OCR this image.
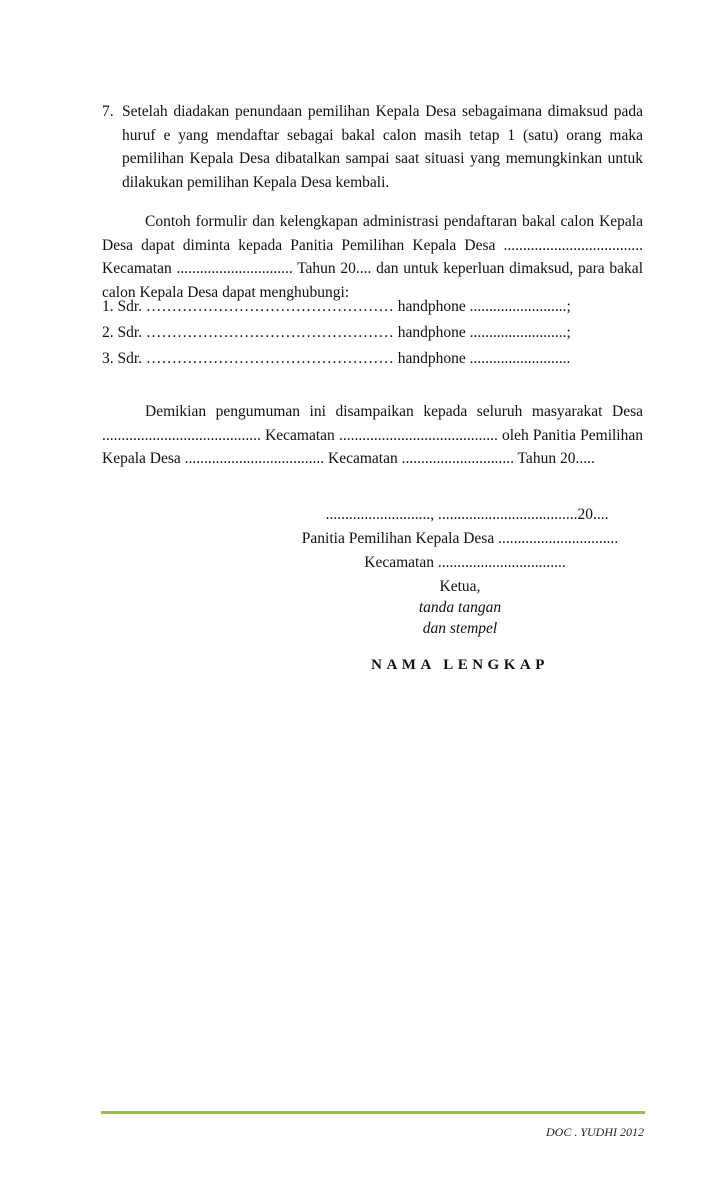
7. Setelah diadakan penundaan pemilihan Kepala Desa sebagaimana dimaksud pada huruf e yang mendaftar sebagai bakal calon masih tetap 1 (satu) orang maka pemilihan Kepala Desa dibatalkan sampai saat situasi yang memungkinkan untuk dilakukan pemilihan Kepala Desa kembali.
Contoh formulir dan kelengkapan administrasi pendaftaran bakal calon Kepala Desa dapat diminta kepada Panitia Pemilihan Kepala Desa .................................... Kecamatan .............................. Tahun 20.... dan untuk keperluan dimaksud, para bakal calon Kepala Desa dapat menghubungi:
1. Sdr. ………………………………………… handphone .........................;
2. Sdr. ………………………………………… handphone .........................;
3. Sdr. ………………………………………… handphone ..........................
Demikian pengumuman ini disampaikan kepada seluruh masyarakat Desa ......................................... Kecamatan ......................................... oleh Panitia Pemilihan Kepala Desa .................................... Kecamatan ............................. Tahun 20.....
..........................., ....................................20....
Panitia Pemilihan Kepala Desa ...............................
Kecamatan .................................
Ketua,
tanda tangan
dan stempel
NAMA LENGKAP
DOC . YUDHI 2012
